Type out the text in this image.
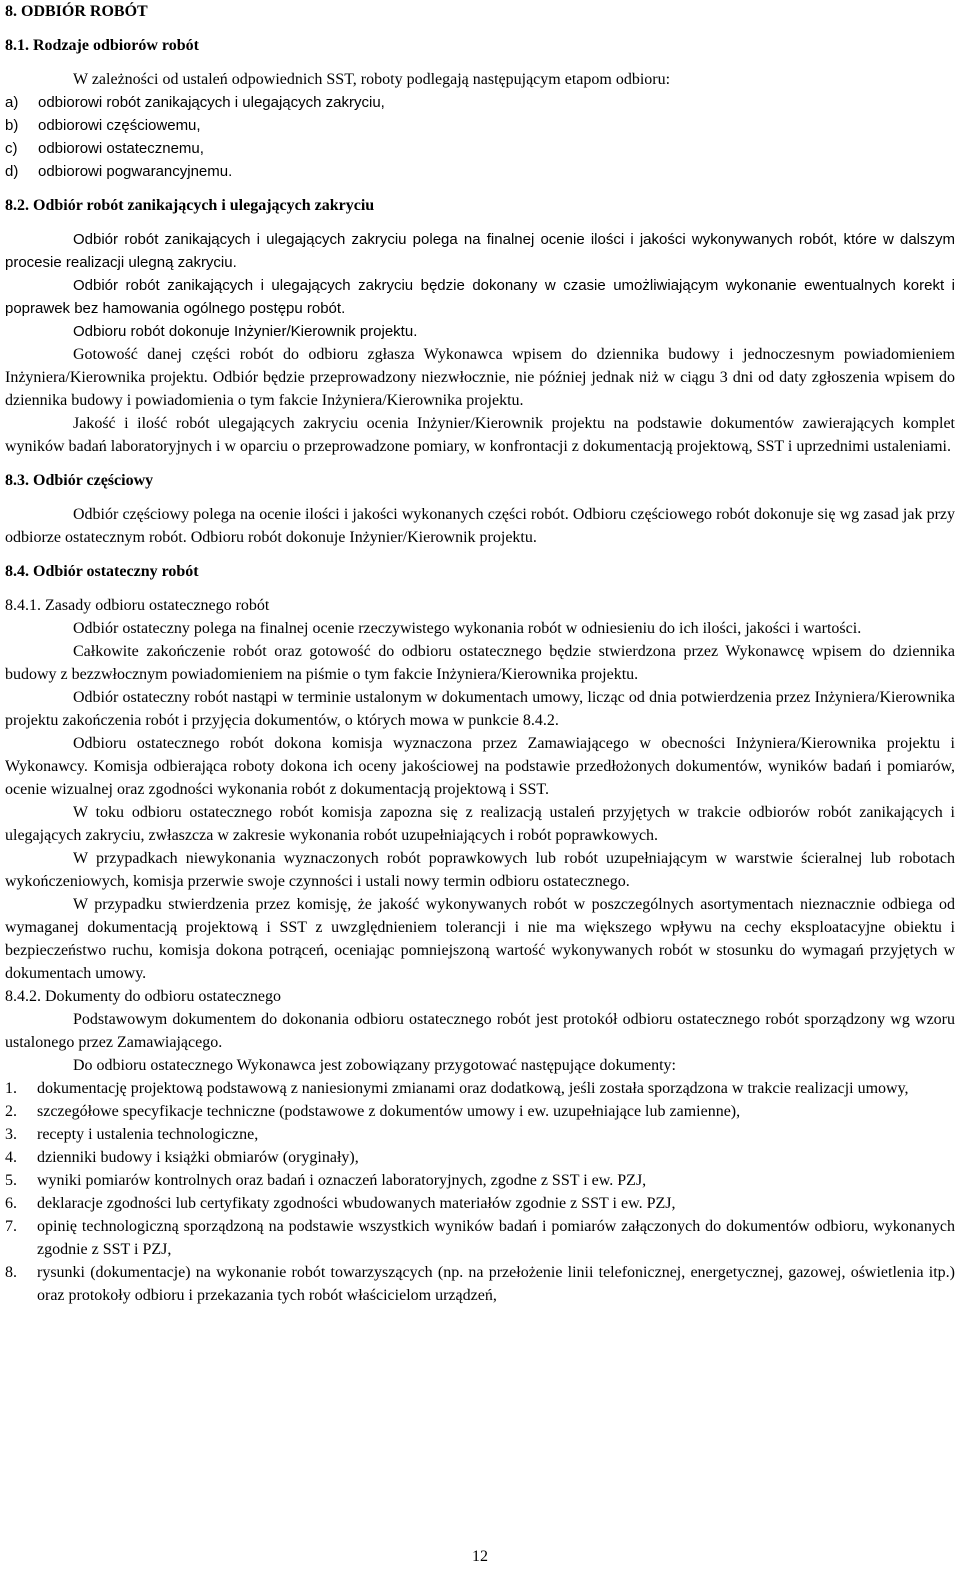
8. ODBIÓR ROBÓT
8.1. Rodzaje odbiorów robót
W zależności od ustaleń odpowiednich SST, roboty podlegają następującym etapom odbioru:
a)	odbiorowi robót zanikających i ulegających zakryciu,
b)	odbiorowi częściowemu,
c)	odbiorowi ostatecznemu,
d)	odbiorowi pogwarancyjnemu.
8.2. Odbiór robót zanikających i ulegających zakryciu
Odbiór robót zanikających i ulegających zakryciu polega na finalnej ocenie ilości i jakości wykonywanych robót, które w dalszym procesie realizacji ulegną zakryciu.
Odbiór robót zanikających i ulegających zakryciu będzie dokonany w czasie umożliwiającym wykonanie ewentualnych korekt i poprawek bez hamowania ogólnego postępu robót.
Odbioru robót dokonuje Inżynier/Kierownik projektu.
Gotowość danej części robót do odbioru zgłasza Wykonawca wpisem do dziennika budowy i jednoczesnym powiadomieniem Inżyniera/Kierownika projektu. Odbiór będzie przeprowadzony niezwłocznie, nie później jednak niż w ciągu 3 dni od daty zgłoszenia wpisem do dziennika budowy i powiadomienia o tym fakcie Inżyniera/Kierownika projektu.
Jakość i ilość robót ulegających zakryciu ocenia Inżynier/Kierownik projektu na podstawie dokumentów zawierających komplet wyników badań laboratoryjnych i w oparciu o przeprowadzone pomiary, w konfrontacji z dokumentacją projektową, SST i uprzednimi ustaleniami.
8.3. Odbiór częściowy
Odbiór częściowy polega na ocenie ilości i jakości wykonanych części robót. Odbioru częściowego robót dokonuje się wg zasad jak przy odbiorze ostatecznym robót. Odbioru robót dokonuje Inżynier/Kierownik projektu.
8.4. Odbiór ostateczny robót
8.4.1. Zasady odbioru ostatecznego robót
Odbiór ostateczny polega na finalnej ocenie rzeczywistego wykonania robót w odniesieniu do ich ilości, jakości i wartości.
Całkowite zakończenie robót oraz gotowość do odbioru ostatecznego będzie stwierdzona przez Wykonawcę wpisem do dziennika budowy z bezzwłocznym powiadomieniem na piśmie o tym fakcie Inżyniera/Kierownika projektu.
Odbiór ostateczny robót nastąpi w terminie ustalonym w dokumentach umowy, licząc od dnia potwierdzenia przez Inżyniera/Kierownika projektu zakończenia robót i przyjęcia dokumentów, o których mowa w punkcie 8.4.2.
Odbioru ostatecznego robót dokona komisja wyznaczona przez Zamawiającego w obecności Inżyniera/Kierownika projektu i Wykonawcy. Komisja odbierająca roboty dokona ich oceny jakościowej na podstawie przedłożonych dokumentów, wyników badań i pomiarów, ocenie wizualnej oraz zgodności wykonania robót z dokumentacją projektową i SST.
W toku odbioru ostatecznego robót komisja zapozna się z realizacją ustaleń przyjętych w trakcie odbiorów robót zanikających i ulegających zakryciu, zwłaszcza w zakresie wykonania robót uzupełniających i robót poprawkowych.
W przypadkach niewykonania wyznaczonych robót poprawkowych lub robót uzupełniającym w warstwie ścieralnej lub robotach wykończeniowych, komisja przerwie swoje czynności i ustali nowy termin odbioru ostatecznego.
W przypadku stwierdzenia przez komisję, że jakość wykonywanych robót w poszczególnych asortymentach nieznacznie odbiega od wymaganej dokumentacją projektową i SST z uwzględnieniem tolerancji i nie ma większego wpływu na cechy eksploatacyjne obiektu i bezpieczeństwo ruchu, komisja dokona potrąceń, oceniając pomniejszoną wartość wykonywanych robót w stosunku do wymagań przyjętych w dokumentach umowy.
8.4.2. Dokumenty do odbioru ostatecznego
Podstawowym dokumentem do dokonania odbioru ostatecznego robót jest protokół odbioru ostatecznego robót sporządzony wg wzoru ustalonego przez Zamawiającego.
Do odbioru ostatecznego Wykonawca jest zobowiązany przygotować następujące dokumenty:
1.	dokumentację projektową podstawową z naniesionymi zmianami oraz dodatkową, jeśli została sporządzona w trakcie realizacji umowy,
2.	szczegółowe specyfikacje techniczne (podstawowe z dokumentów umowy i ew. uzupełniające lub zamienne),
3.	recepty i ustalenia technologiczne,
4.	dzienniki budowy i książki obmiarów (oryginały),
5.	wyniki pomiarów kontrolnych oraz badań i oznaczeń laboratoryjnych, zgodne z SST i ew. PZJ,
6.	deklaracje zgodności lub certyfikaty zgodności wbudowanych materiałów zgodnie z SST i ew. PZJ,
7.	opinię technologiczną sporządzoną na podstawie wszystkich wyników badań i pomiarów załączonych do dokumentów odbioru, wykonanych zgodnie z SST i PZJ,
8.	rysunki (dokumentacje) na wykonanie robót towarzyszących (np. na przełożenie linii telefonicznej, energetycznej, gazowej, oświetlenia itp.) oraz protokoły odbioru i przekazania tych robót właścicielom urządzeń,
12
